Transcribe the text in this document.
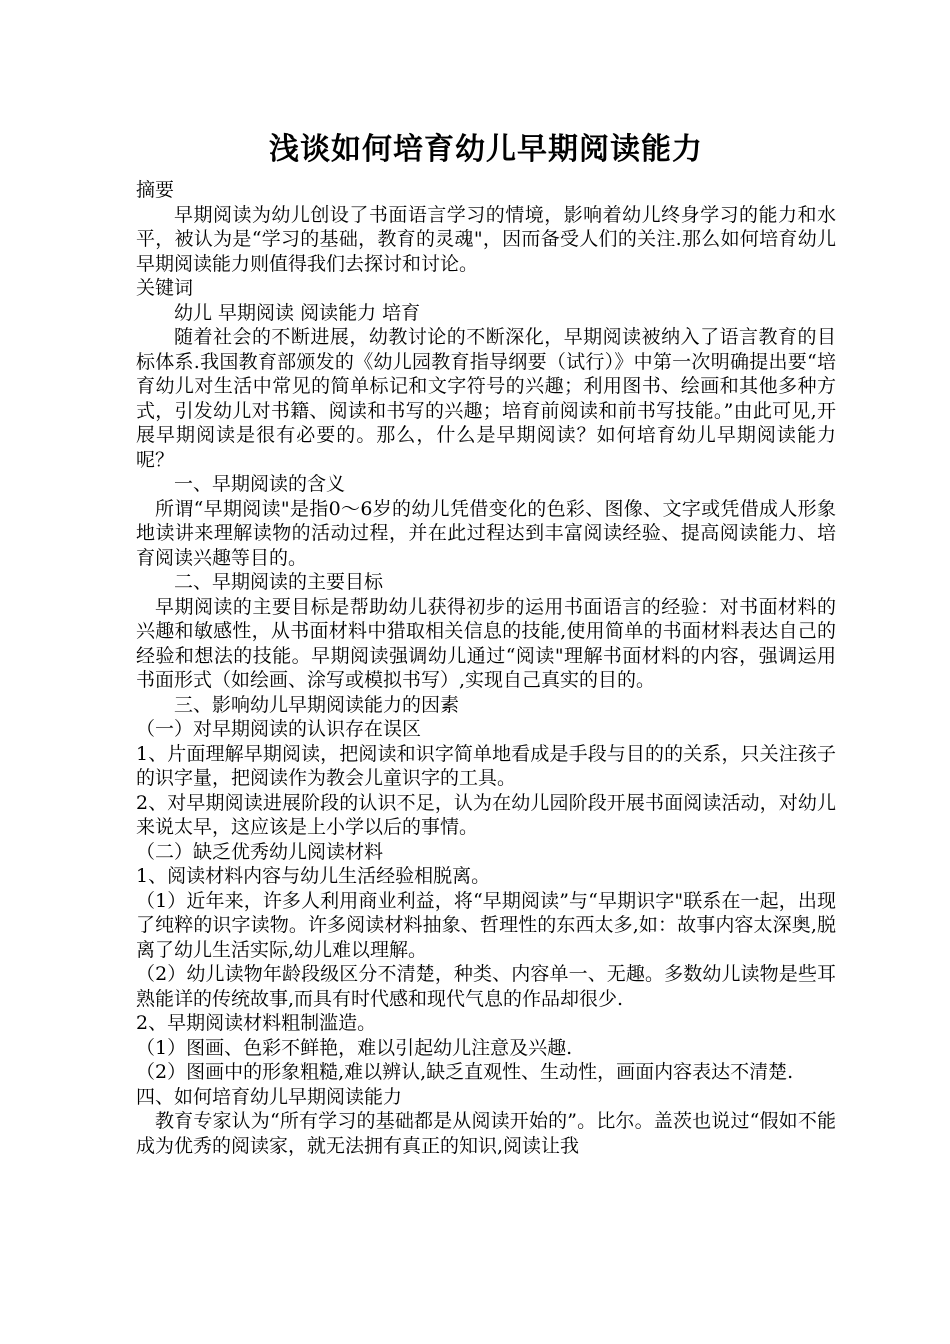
浅谈如何培育幼儿早期阅读能力

摘要

早期阅读为幼儿创设了书面语言学习的情境，影响着幼儿终身学习的能力和水平，被认为是“学习的基础，教育的灵魂"，因而备受人们的关注.那么如何培育幼儿早期阅读能力则值得我们去探讨和讨论。

关键词

幼儿 早期阅读 阅读能力 培育

随着社会的不断进展，幼教讨论的不断深化，早期阅读被纳入了语言教育的目标体系.我国教育部颁发的《幼儿园教育指导纲要（试行）》中第一次明确提出要“培育幼儿对生活中常见的简单标记和文字符号的兴趣；利用图书、绘画和其他多种方式，引发幼儿对书籍、阅读和书写的兴趣；培育前阅读和前书写技能。”由此可见,开展早期阅读是很有必要的。那么，什么是早期阅读？如何培育幼儿早期阅读能力呢？

一、早期阅读的含义

所谓“早期阅读"是指0～6岁的幼儿凭借变化的色彩、图像、文字或凭借成人形象地读讲来理解读物的活动过程，并在此过程达到丰富阅读经验、提高阅读能力、培育阅读兴趣等目的。

二、早期阅读的主要目标

早期阅读的主要目标是帮助幼儿获得初步的运用书面语言的经验：对书面材料的兴趣和敏感性，从书面材料中猎取相关信息的技能,使用简单的书面材料表达自己的经验和想法的技能。早期阅读强调幼儿通过“阅读"理解书面材料的内容，强调运用书面形式（如绘画、涂写或模拟书写）,实现自己真实的目的。

三、影响幼儿早期阅读能力的因素

（一）对早期阅读的认识存在误区

1、片面理解早期阅读，把阅读和识字简单地看成是手段与目的的关系，只关注孩子的识字量，把阅读作为教会儿童识字的工具。

2、对早期阅读进展阶段的认识不足，认为在幼儿园阶段开展书面阅读活动，对幼儿来说太早，这应该是上小学以后的事情。

（二）缺乏优秀幼儿阅读材料

1、阅读材料内容与幼儿生活经验相脱离。

（1）近年来，许多人利用商业利益，将“早期阅读”与“早期识字"联系在一起，出现了纯粹的识字读物。许多阅读材料抽象、哲理性的东西太多,如：故事内容太深奥,脱离了幼儿生活实际,幼儿难以理解。

（2）幼儿读物年龄段级区分不清楚，种类、内容单一、无趣。多数幼儿读物是些耳熟能详的传统故事,而具有时代感和现代气息的作品却很少.

2、早期阅读材料粗制滥造。

（1）图画、色彩不鲜艳，难以引起幼儿注意及兴趣.

（2）图画中的形象粗糙,难以辨认,缺乏直观性、生动性，画面内容表达不清楚.

四、如何培育幼儿早期阅读能力

教育专家认为“所有学习的基础都是从阅读开始的”。比尔。盖茨也说过“假如不能成为优秀的阅读家，就无法拥有真正的知识,阅读让我
